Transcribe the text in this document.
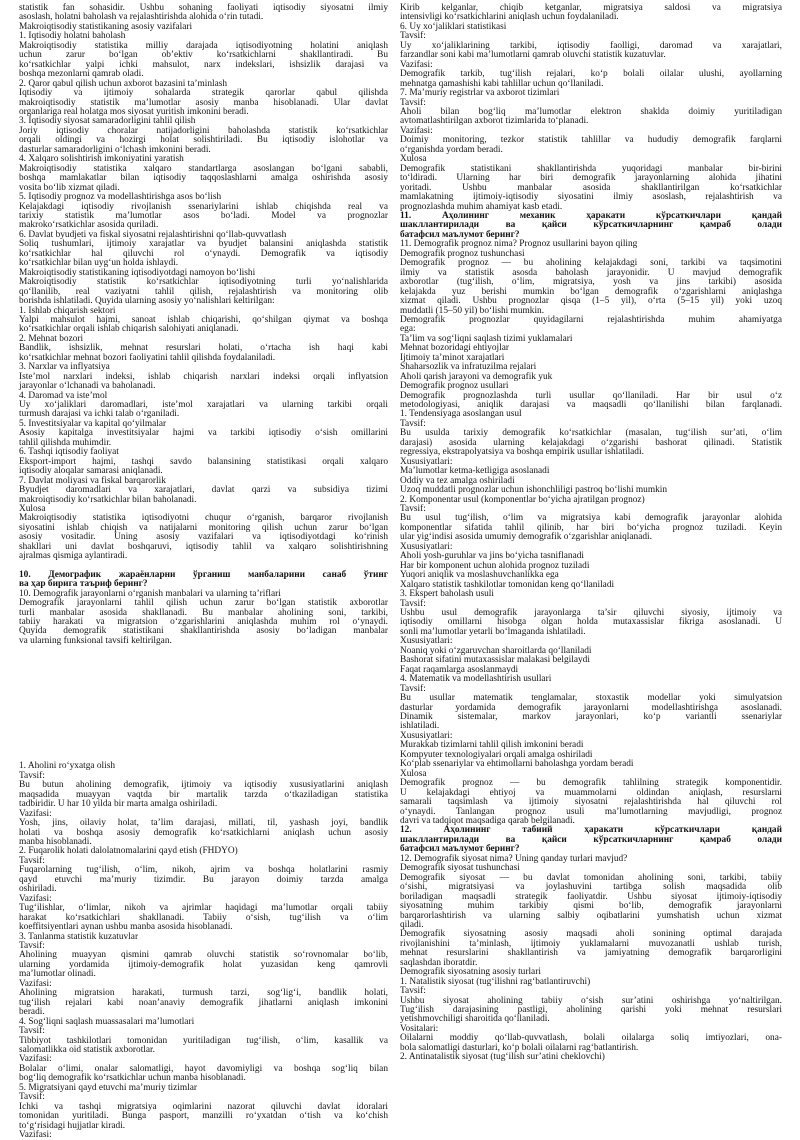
statistik fan sohasidir. Ushbu sohaning faoliyati iqtisodiy siyosatni ilmiy
asoslash, holatni baholash va rejalashtirishda alohida o‘rin tutadi.
Makroiqtisodiy statistikaning asosiy vazifalari
1. Iqtisodiy holatni baholash
Makroiqtisodiy statistika milliy darajada iqtisodiyotning holatini aniqlash
uchun zarur bo‘lgan ob’ektiv ko‘rsatkichlarni shakllantiradi. Bu
ko‘rsatkichlar yalpi ichki mahsulot, narx indekslari, ishsizlik darajasi va
boshqa mezonlarni qamrab oladi.
2. Qaror qabul qilish uchun axborot bazasini ta’minlash
Iqtisodiy va ijtimoiy sohalarda strategik qarorlar qabul qilishda
makroiqtisodiy statistik ma’lumotlar asosiy manba hisoblanadi. Ular davlat
organlariga real holatga mos siyosat yuritish imkonini beradi.
3. Iqtisodiy siyosat samaradorligini tahlil qilish
Joriy iqtisodiy choralar natijadorligini baholashda statistik ko‘rsatkichlar
orqali oldingi va hozirgi holat solishtiriladi. Bu iqtisodiy islohotlar va
dasturlar samaradorligini o‘lchash imkonini beradi.
4. Xalqaro solishtirish imkoniyatini yaratish
Makroiqtisodiy statistika xalqaro standartlarga asoslangan bo‘lgani sababli,
boshqa mamlakatlar bilan iqtisodiy taqqoslashlarni amalga oshirishda asosiy
vosita bo‘lib xizmat qiladi.
5. Iqtisodiy prognoz va modellashtirishga asos bo‘lish
Kelajakdagi iqtisodiy rivojlanish ssenariylarini ishlab chiqishda real va
tarixiy statistik ma’lumotlar asos bo‘ladi. Model va prognozlar
makroko‘rsatkichlar asosida quriladi.
6. Davlat byudjeti va fiskal siyosatni rejalashtirishni qo‘llab-quvvatlash
Soliq tushumlari, ijtimoiy xarajatlar va byudjet balansini aniqlashda statistik
ko‘rsatkichlar hal qiluvchi rol o‘ynaydi. Demografik va iqtisodiy
ko‘rsatkichlar bilan uyg‘un holda ishlaydi.
Makroiqtisodiy statistikaning iqtisodiyotdagi namoyon bo‘lishi
Makroiqtisodiy statistik ko‘rsatkichlar iqtisodiyotning turli yo‘nalishlarida
qo‘llanilib, real vaziyatni tahlil qilish, rejalashtirish va monitoring olib
borishda ishlatiladi. Quyida ularning asosiy yo‘nalishlari keltirilgan:
1. Ishlab chiqarish sektori
Yalpi mahsulot hajmi, sanoat ishlab chiqarishi, qo‘shilgan qiymat va boshqa
ko‘rsatkichlar orqali ishlab chiqarish salohiyati aniqlanadi.
2. Mehnat bozori
Bandlik, ishsizlik, mehnat resurslari holati, o‘rtacha ish haqi kabi
ko‘rsatkichlar mehnat bozori faoliyatini tahlil qilishda foydalaniladi.
3. Narxlar va inflyatsiya
Iste’mol narxlari indeksi, ishlab chiqarish narxlari indeksi orqali inflyatsion
jarayonlar o‘lchanadi va baholanadi.
4. Daromad va iste’mol
Uy xo‘jaliklari daromadlari, iste’mol xarajatlari va ularning tarkibi orqali
turmush darajasi va ichki talab o‘rganiladi.
5. Investitsiyalar va kapital qo‘yilmalar
Asosiy kapitalga investitsiyalar hajmi va tarkibi iqtisodiy o‘sish omillarini
tahlil qilishda muhimdir.
6. Tashqi iqtisodiy faoliyat
Eksport-import hajmi, tashqi savdo balansining statistikasi orqali xalqaro
iqtisodiy aloqalar samarasi aniqlanadi.
7. Davlat moliyasi va fiskal barqarorlik
Byudjet daromadlari va xarajatlari, davlat qarzi va subsidiya tizimi
makroiqtisodiy ko‘rsatkichlar bilan baholanadi.
Xulosa
Makroiqtisodiy statistika iqtisodiyotni chuqur o‘rganish, barqaror rivojlanish
siyosatini ishlab chiqish va natijalarni monitoring qilish uchun zarur bo‘lgan
asosiy vositadir. Uning asosiy vazifalari va iqtisodiyotdagi ko‘rinish
shakllari uni davlat boshqaruvi, iqtisodiy tahlil va xalqaro solishtirishning
ajralmas qismiga aylantiradi.
10. Демографик жараёнларни ўрганиш манбаларини санаб ўтинг
ва ҳар бирига таъриф беринг?
10. Demografik jarayonlarni o‘rganish manbalari va ularning ta’riflari
Demografik jarayonlarni tahlil qilish uchun zarur bo‘lgan statistik axborotlar
turli manbalar asosida shakllanadi. Bu manbalar aholining soni, tarkibi,
tabiiy harakati va migratsion o‘zgarishlarini aniqlashda muhim rol o‘ynaydi.
Quyida demografik statistikani shakllantirishda asosiy bo‘ladigan manbalar
va ularning funksional tavsifi keltirilgan.
1. Aholini ro‘yxatga olish
Tavsif:
Bu butun aholining demografik, ijtimoiy va iqtisodiy xususiyatlarini aniqlash
maqsadida muayyan vaqtda bir martalik tarzda o‘tkaziladigan statistika
tadbiridir. U har 10 yilda bir marta amalga oshiriladi.
Vazifasi:
Yosh, jins, oilaviy holat, ta’lim darajasi, millati, til, yashash joyi, bandlik
holati va boshqa asosiy demografik ko‘rsatkichlarni aniqlash uchun asosiy
manba hisoblanadi.
2. Fuqarolik holati dalolatnomalarini qayd etish (FHDYO)
Tavsif:
Fuqarolarning tug‘ilish, o‘lim, nikoh, ajrim va boshqa holatlarini rasmiy
qayd etuvchi ma’muriy tizimdir. Bu jarayon doimiy tarzda amalga
oshiriladi.
Vazifasi:
Tug‘ilishlar, o‘limlar, nikoh va ajrimlar haqidagi ma’lumotlar orqali tabiiy
harakat ko‘rsatkichlari shakllanadi. Tabiiy o‘sish, tug‘ilish va o‘lim
koeffitsiyentlari aynan ushbu manba asosida hisoblanadi.
3. Tanlanma statistik kuzatuvlar
Tavsif:
Aholining muayyan qismini qamrab oluvchi statistik so‘rovnomalar bo‘lib,
ularning yordamida ijtimoiy-demografik holat yuzasidan keng qamrovli
ma’lumotlar olinadi.
Vazifasi:
Aholining migratsion harakati, turmush tarzi, sog‘lig‘i, bandlik holati,
tug‘ilish rejalari kabi noan’anaviy demografik jihatlarni aniqlash imkonini
beradi.
4. Sog‘liqni saqlash muassasalari ma’lumotlari
Tavsif:
Tibbiyot tashkilotlari tomonidan yuritiladigan tug‘ilish, o‘lim, kasallik va
salomatlikka oid statistik axborotlar.
Vazifasi:
Bolalar o‘limi, onalar salomatligi, hayot davomiyligi va boshqa sog‘liq bilan
bog‘liq demografik ko‘rsatkichlar uchun manba hisoblanadi.
5. Migratsiyani qayd etuvchi ma’muriy tizimlar
Tavsif:
Ichki va tashqi migratsiya oqimlarini nazorat qiluvchi davlat idoralari
tomonidan yuritiladi. Bunga pasport, manzilli ro‘yxatdan o‘tish va ko‘chish
to‘g‘risidagi hujjatlar kiradi.
Vazifasi:
Kirib kelganlar, chiqib ketganlar, migratsiya saldosi va migratsiya
intensivligi ko‘rsatkichlarini aniqlash uchun foydalaniladi.
6. Uy xo‘jaliklari statistikasi
Tavsif:
Uy xo‘jaliklarining tarkibi, iqtisodiy faolligi, daromad va xarajatlari,
farzandlar soni kabi ma’lumotlarni qamrab oluvchi statistik kuzatuvlar.
Vazifasi:
Demografik tarkib, tug‘ilish rejalari, ko‘p bolali oilalar ulushi, ayollarning
mehnatga qamashishi kabi tahlillar uchun qo‘llaniladi.
7. Ma’muriy registrlar va axborot tizimlari
Tavsif:
Aholi bilan bog‘liq ma’lumotlar elektron shaklda doimiy yuritiladigan
avtomatlashtirilgan axborot tizimlarida to‘planadi.
Vazifasi:
Doimiy monitoring, tezkor statistik tahlillar va hududiy demografik farqlarni
o‘rganishda yordam beradi.
Xulosa
Demografik statistikani shakllantirishda yuqoridagi manbalar bir-birini
to‘ldiradi. Ularning har biri demografik jarayonlarning alohida jihatini
yoritadi. Ushbu manbalar asosida shakllantirilgan ko‘rsatkichlar
mamlakatning ijtimoiy-iqtisodiy siyosatini ilmiy asoslash, rejalashtirish va
prognozlashda muhim ahamiyat kasb etadi.
11. Аҳолининг механик ҳаракати кўрсаткичлари қандай
шакллантирилади ва қайси кўрсаткичларнинг қамраб олади
батафсил маълумот беринг?
11. Demografik prognoz nima? Prognoz usullarini bayon qiling
Demografik prognoz tushunchasi
Demografik prognoz — bu aholining kelajakdagi soni, tarkibi va taqsimotini
ilmiy va statistik asosda baholash jarayonidir. U mavjud demografik
axborotlar (tug‘ilish, o‘lim, migratsiya, yosh va jins tarkibi) asosida
kelajakda yuz berishi mumkin bo‘lgan demografik o‘zgarishlarni aniqlashga
xizmat qiladi. Ushbu prognozlar qisqa (1–5 yil), o‘rta (5–15 yil) yoki uzoq
muddatli (15–50 yil) bo‘lishi mumkin.
Demografik prognozlar quyidagilarni rejalashtirishda muhim ahamiyatga
ega:
Ta’lim va sog‘liqni saqlash tizimi yuklamalari
Mehnat bozoridagi ehtiyojlar
Ijtimoiy ta’minot xarajatlari
Shaharsozlik va infratuzilma rejalari
Aholi qarish jarayoni va demografik yuk
Demografik prognoz usullari
Demografik prognozlashda turli usullar qo‘llaniladi. Har bir usul o‘z
metodologiyasi, aniqlik darajasi va maqsadli qo‘llanilishi bilan farqlanadi.
1. Tendensiyaga asoslangan usul
Tavsif:
Bu usulda tarixiy demografik ko‘rsatkichlar (masalan, tug‘ilish sur’ati, o‘lim
darajasi) asosida ularning kelajakdagi o‘zgarishi bashorat qilinadi. Statistik
regressiya, ekstrapolyatsiya va boshqa empirik usullar ishlatiladi.
Xususiyatlari:
Ma’lumotlar ketma-ketligiga asoslanadi
Oddiy va tez amalga oshiriladi
Uzoq muddatli prognozlar uchun ishonchliligi pastroq bo‘lishi mumkin
2. Komponentar usul (komponentlar bo‘yicha ajratilgan prognoz)
Tavsif:
Bu usul tug‘ilish, o‘lim va migratsiya kabi demografik jarayonlar alohida
komponentlar sifatida tahlil qilinib, har biri bo‘yicha prognoz tuziladi. Keyin
ular yig‘indisi asosida umumiy demografik o‘zgarishlar aniqlanadi.
Xususiyatlari:
Aholi yosh-guruhlar va jins bo‘yicha tasniflanadi
Har bir komponent uchun alohida prognoz tuziladi
Yuqori aniqlik va moslashuvchanlikka ega
Xalqaro statistik tashkilotlar tomonidan keng qo‘llaniladi
3. Ekspert baholash usuli
Tavsif:
Ushbu usul demografik jarayonlarga ta’sir qiluvchi siyosiy, ijtimoiy va
iqtisodiy omillarni hisobga olgan holda mutaxassislar fikriga asoslanadi. U
sonli ma’lumotlar yetarli bo‘lmaganda ishlatiladi.
Xususiyatlari:
Noaniq yoki o‘zgaruvchan sharoitlarda qo‘llaniladi
Bashorat sifatini mutaxassislar malakasi belgilaydi
Faqat raqamlarga asoslanmaydi
4. Matematik va modellashtirish usullari
Tavsif:
Bu usullar matematik tenglamalar, stoxastik modellar yoki simulyatsion
dasturlar yordamida demografik jarayonlarni modellashtirishga asoslanadi.
Dinamik sistemalar, markov jarayonlari, ko‘p variantli ssenariylar
ishlatiladi.
Xususiyatlari:
Murakkab tizimlarni tahlil qilish imkonini beradi
Kompyuter texnologiyalari orqali amalga oshiriladi
Ko‘plab ssenariylar va ehtimollarni baholashga yordam beradi
Xulosa
Demografik prognoz — bu demografik tahlilning strategik komponentidir.
U kelajakdagi ehtiyoj va muammolarni oldindan aniqlash, resurslarni
samarali taqsimlash va ijtimoiy siyosatni rejalashtirishda hal qiluvchi rol
o‘ynaydi. Tanlangan prognoz usuli ma’lumotlarning mavjudligi, prognoz
davri va tadqiqot maqsadiga qarab belgilanadi.
12. Аҳолининг табиий ҳаракати кўрсаткичлари қандай
шакллантирилади ва қайси кўрсаткичларнинг қамраб олади
батафсил маълумот беринг?
12. Demografik siyosat nima? Uning qanday turlari mavjud?
Demografik siyosat tushunchasi
Demografik siyosat — bu davlat tomonidan aholining soni, tarkibi, tabiiy
o‘sishi, migratsiyasi va joylashuvini tartibga solish maqsadida olib
boriladigan maqsadli strategik faoliyatdir. Ushbu siyosat ijtimoiy-iqtisodiy
siyosatning muhim tarkibiy qismi bo‘lib, demografik jarayonlarni
barqarorlashtirish va ularning salbiy oqibatlarini yumshatish uchun xizmat
qiladi.
Demografik siyosatning asosiy maqsadi aholi sonining optimal darajada
rivojlanishini ta’minlash, ijtimoiy yuklamalarni muvozanatli ushlab turish,
mehnat resurslarini shakllantirish va jamiyatning demografik barqarorligini
saqlashdan iboratdir.
Demografik siyosatning asosiy turlari
1. Natalistik siyosat (tug‘ilishni rag‘batlantiruvchi)
Tavsif:
Ushbu siyosat aholining tabiiy o‘sish sur’atini oshirishga yo‘naltirilgan.
Tug‘ilish darajasining pastligi, aholining qarishi yoki mehnat resurslari
yetishmovchiligi sharoitida qo‘llaniladi.
Vositalari:
Oilalarni moddiy qo‘llab-quvvatlash, bolali oilalarga soliq imtiyozlari, ona-
bola salomatligi dasturlari, ko‘p bolali oilalarni rag‘batlantirish.
2. Antinatalistik siyosat (tug‘ilish sur’atini cheklovchi)
